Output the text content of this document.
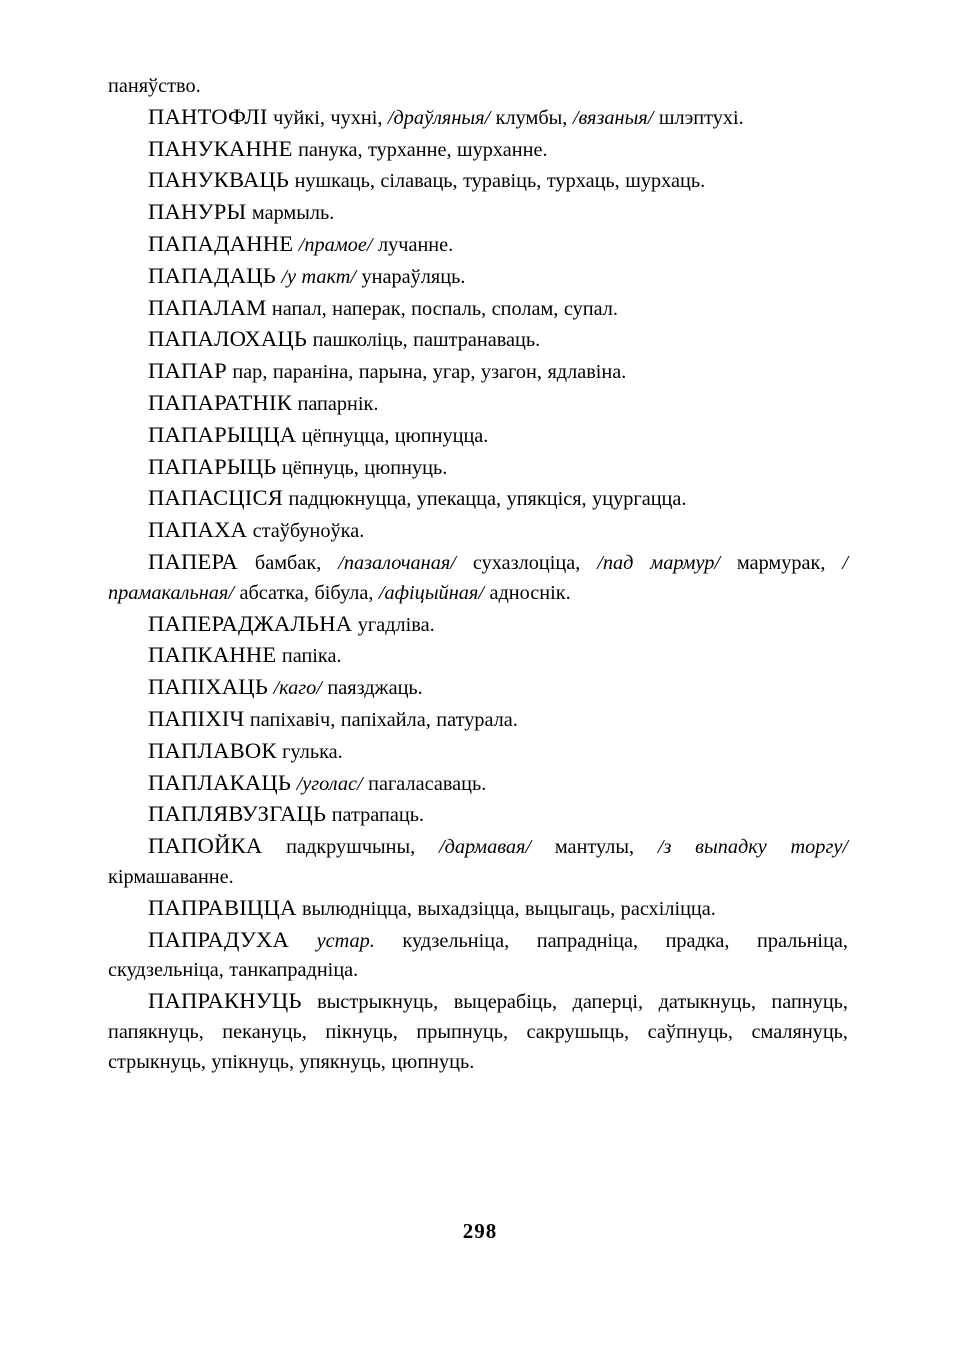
паняўство.

ПАНТОФЛІ чуйкі, чухні, /драўляныя/ клумбы, /вязаныя/ шлэптухі.

ПАНУКАННЕ панука, турханне, шурханне.

ПАНУКВАЦЬ нушкаць, сілаваць, туравіць, турхаць, шурхаць.

ПАНУРЫ мармыль.

ПАПАДАННЕ /прамое/ лучанне.

ПАПАДАЦЬ /у такт/ унараўляць.

ПАПАЛАМ напал, наперак, поспаль, сполам, супал.

ПАПАЛОХАЦЬ пашколіць, паштранаваць.

ПАПАР пар, параніна, парына, угар, узагон, ядлавіна.

ПАПАРАТНІК папарнік.

ПАПАРЫЦЦА цёпнуцца, цюпнуцца.

ПАПАРЫЦЬ цёпнуць, цюпнуць.

ПАПАСЦІСЯ падцюкнуцца, упекацца, упякціся, уцургацца.

ПАПАХА стаўбуноўка.

ПАПЕРА бамбак, /пазалочаная/ сухазлоціца, /пад мармур/ мармурак, /прамакальная/ абсатка, бібула, /афіцыйная/ адноснік.

ПАПЕРАДЖАЛЬНА угадліва.

ПАПКАННЕ папіка.

ПАПІХАЦЬ /каго/ паязджаць.

ПАПІХІЧ папіхавіч, папіхайла, патурала.

ПАПЛАВОК гулька.

ПАПЛАКАЦЬ /уголас/ пагаласаваць.

ПАПЛЯВУЗГАЦЬ патрапаць.

ПАПОЙКА падкрушчыны, /дармавая/ мантулы, /з выпадку торгу/ кірмашаванне.

ПАПРАВІЦЦА вылюдніцца, выхадзіцца, выцыгаць, расхіліцца.

ПАПРАДУХА устар. кудзельніца, папрадніца, прадка, пральніца, скудзельніца, танкапрадніца.

ПАПРАКНУЦЬ выстрыкнуць, выцерабіць, даперці, датыкнуць, папнуць, папякнуць, пекануць, пікнуць, прыпнуць, сакрушыць, саўпнуць, смалянуць, стрыкнуць, упікнуць, упякнуць, цюпнуць.

298
